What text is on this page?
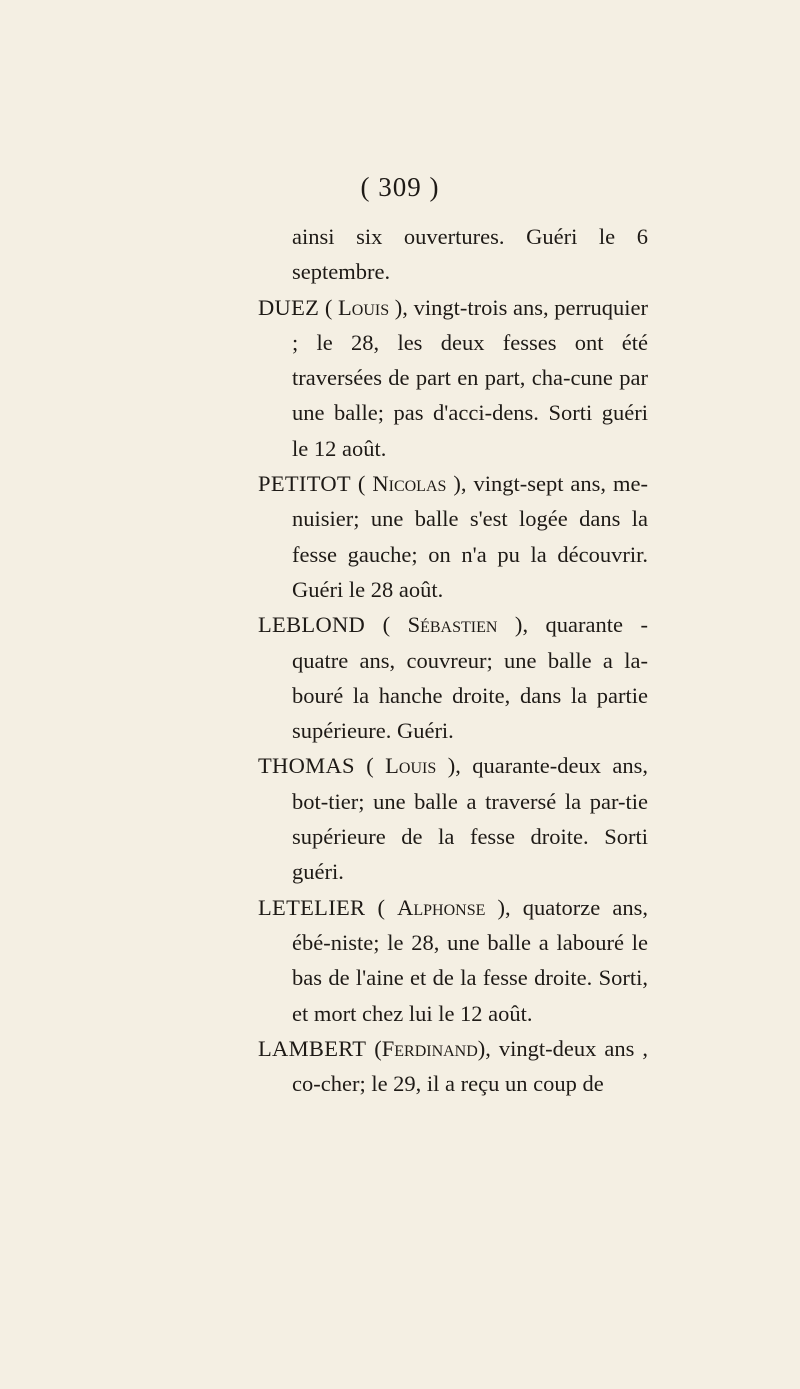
( 309 )

ainsi six ouvertures. Guéri le 6 septembre.

DUEZ ( Louis ), vingt-trois ans, perruquier ; le 28, les deux fesses ont été traversées de part en part, cha-cune par une balle; pas d'acci-dens. Sorti guéri le 12 août.

PETITOT ( Nicolas ), vingt-sept ans, me-nuisier; une balle s'est logée dans la fesse gauche; on n'a pu la découvrir. Guéri le 28 août.

LEBLOND ( Sébastien ), quarante - quatre ans, couvreur; une balle a la-bouré la hanche droite, dans la partie supérieure. Guéri.

THOMAS ( Louis ), quarante-deux ans, bot-tier; une balle a traversé la par-tie supérieure de la fesse droite. Sorti guéri.

LETELIER ( Alphonse ), quatorze ans, ébé-niste; le 28, une balle a labouré le bas de l'aine et de la fesse droite. Sorti, et mort chez lui le 12 août.

LAMBERT (Ferdinand), vingt-deux ans , co-cher; le 29, il a reçu un coup de
